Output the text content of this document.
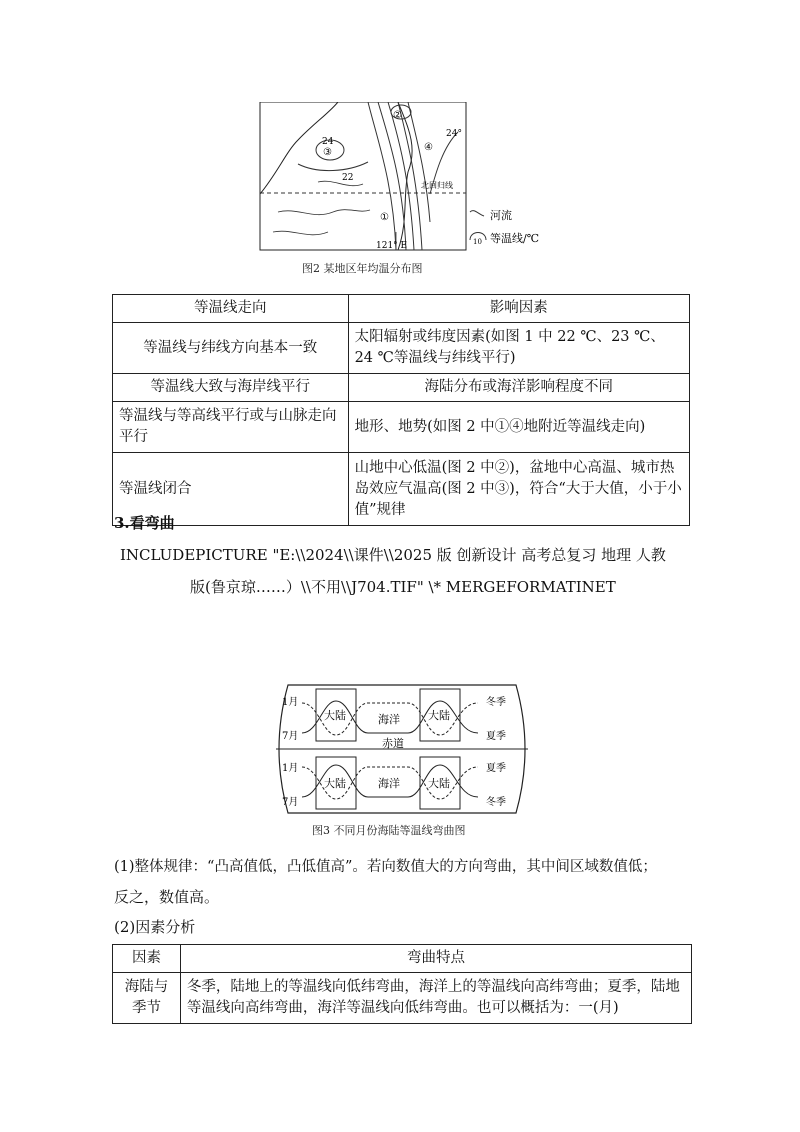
②
24°
24
③
22
④
北回归线
①
121° E
河流
10 等温线/℃
图2 某地区年均温分布图
等温线走向	影响因素
等温线与纬线方向基本一致	太阳辐射或纬度因素(如图 1 中 22 ℃、23 ℃、24 ℃等温线与纬线平行)
等温线大致与海岸线平行	海陆分布或海洋影响程度不同
等温线与等高线平行或与山脉走向平行	地形、地势(如图 2 中①④地附近等温线走向)
等温线闭合	山地中心低温(图 2 中②)，盆地中心高温、城市热岛效应气温高(图 2 中③)，符合“大于大值，小于小值”规律
3.看弯曲
INCLUDEPICTURE "E:\\2024\\课件\\2025 版 创新设计 高考总复习 地理 人教
版(鲁京琼……）\\不用\\J704.TIF" \* MERGEFORMATINET
1月
7月
1月
7月
大陆	海洋	大陆
赤道
大陆	海洋	大陆
冬季
夏季
夏季
冬季
图3 不同月份海陆等温线弯曲图
(1)整体规律：“凸高值低，凸低值高”。若向数值大的方向弯曲，其中间区域数值低；
反之，数值高。
(2)因素分析
因素	弯曲特点
海陆与季节	冬季，陆地上的等温线向低纬弯曲，海洋上的等温线向高纬弯曲；夏季，陆地等温线向高纬弯曲，海洋等温线向低纬弯曲。也可以概括为：一(月)
